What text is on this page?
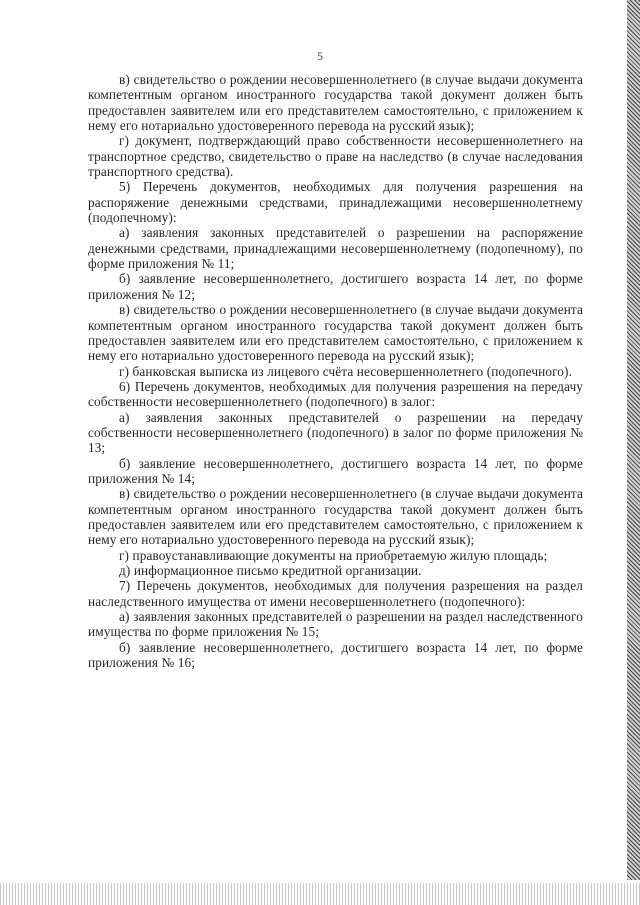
5

в) свидетельство о рождении несовершеннолетнего (в случае выдачи документа компетентным органом иностранного государства такой документ должен быть предоставлен заявителем или его представителем самостоятельно, с приложением к нему его нотариально удостоверенного перевода на русский язык);

г) документ, подтверждающий право собственности несовершеннолетнего на транспортное средство, свидетельство о праве на наследство (в случае наследования транспортного средства).

5) Перечень документов, необходимых для получения разрешения на распоряжение денежными средствами, принадлежащими несовершеннолетнему (подопечному):

а) заявления законных представителей о разрешении на распоряжение денежными средствами, принадлежащими несовершеннолетнему (подопечному), по форме приложения № 11;

б) заявление несовершеннолетнего, достигшего возраста 14 лет, по форме приложения № 12;

в) свидетельство о рождении несовершеннолетнего (в случае выдачи документа компетентным органом иностранного государства такой документ должен быть предоставлен заявителем или его представителем самостоятельно, с приложением к нему его нотариально удостоверенного перевода на русский язык);

г) банковская выписка из лицевого счёта несовершеннолетнего (подопечного).

6) Перечень документов, необходимых для получения разрешения на передачу собственности несовершеннолетнего (подопечного) в залог:

а) заявления законных представителей о разрешении на передачу собственности несовершеннолетнего (подопечного) в залог по форме приложения № 13;

б) заявление несовершеннолетнего, достигшего возраста 14 лет, по форме приложения № 14;

в) свидетельство о рождении несовершеннолетнего (в случае выдачи документа компетентным органом иностранного государства такой документ должен быть предоставлен заявителем или его представителем самостоятельно, с приложением к нему его нотариально удостоверенного перевода на русский язык);

г) правоустанавливающие документы на приобретаемую жилую площадь;

д) информационное письмо кредитной организации.

7) Перечень документов, необходимых для получения разрешения на раздел наследственного имущества от имени несовершеннолетнего (подопечного):

а) заявления законных представителей о разрешении на раздел наследственного имущества по форме приложения № 15;

б) заявление несовершеннолетнего, достигшего возраста 14 лет, по форме приложения № 16;
